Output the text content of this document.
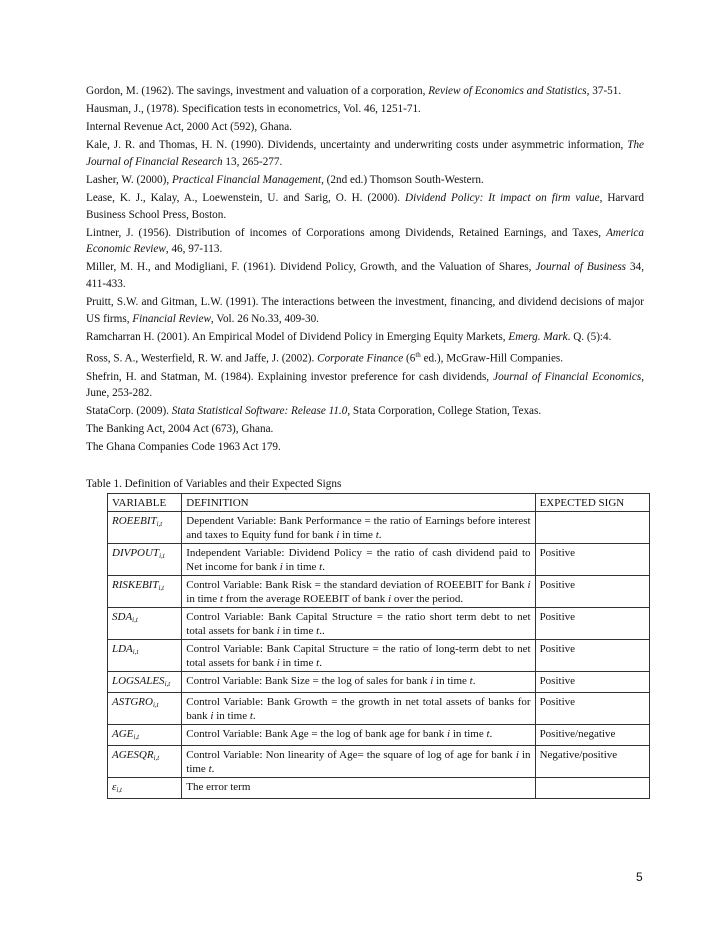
Gordon, M. (1962). The savings, investment and valuation of a corporation, Review of Economics and Statistics, 37-51.
Hausman, J., (1978). Specification tests in econometrics, Vol. 46, 1251-71.
Internal Revenue Act, 2000 Act (592), Ghana.
Kale, J. R. and Thomas, H. N. (1990). Dividends, uncertainty and underwriting costs under asymmetric information, The Journal of Financial Research 13, 265-277.
Lasher, W. (2000), Practical Financial Management, (2nd ed.) Thomson South-Western.
Lease, K. J., Kalay, A., Loewenstein, U. and Sarig, O. H. (2000). Dividend Policy: It impact on firm value, Harvard Business School Press, Boston.
Lintner, J. (1956). Distribution of incomes of Corporations among Dividends, Retained Earnings, and Taxes, America Economic Review, 46, 97-113.
Miller, M. H., and Modigliani, F. (1961). Dividend Policy, Growth, and the Valuation of Shares, Journal of Business 34, 411-433.
Pruitt, S.W. and Gitman, L.W. (1991). The interactions between the investment, financing, and dividend decisions of major US firms, Financial Review, Vol. 26 No.33, 409-30.
Ramcharran H. (2001). An Empirical Model of Dividend Policy in Emerging Equity Markets, Emerg. Mark. Q. (5):4.
Ross, S. A., Westerfield, R. W. and Jaffe, J. (2002). Corporate Finance (6th ed.), McGraw-Hill Companies.
Shefrin, H. and Statman, M. (1984). Explaining investor preference for cash dividends, Journal of Financial Economics, June, 253-282.
StataCorp. (2009). Stata Statistical Software: Release 11.0, Stata Corporation, College Station, Texas.
The Banking Act, 2004 Act (673), Ghana.
The Ghana Companies Code 1963 Act 179.
Table 1. Definition of Variables and their Expected Signs
VARIABLE	DEFINITION	EXPECTED SIGN
$ROEEBIT_{i,t}$	Dependent Variable: Bank Performance = the ratio of Earnings before interest and taxes to Equity fund for bank i in time t.	
$DIVPOUT_{i,t}$	Independent Variable: Dividend Policy = the ratio of cash dividend paid to Net income for bank i in time t.	Positive
$RISKEBIT_{i,t}$	Control Variable: Bank Risk = the standard deviation of ROEEBIT for Bank i in time t from the average ROEEBIT of bank i over the period.	Positive
$SDA_{i,t}$	Control Variable: Bank Capital Structure = the ratio short term debt to net total assets for bank i in time t..	Positive
$LDA_{i,t}$	Control Variable: Bank Capital Structure = the ratio of long-term debt to net total assets for bank i in time t.	Positive
$LOGSALES_{i,t}$	Control Variable: Bank Size = the log of sales for bank i in time t.	Positive
$ASTGRO_{i,t}$	Control Variable: Bank Growth = the growth in net total assets of banks for bank i in time t.	Positive
$AGE_{i,t}$	Control Variable: Bank Age = the log of bank age for bank i in time t.	Positive/negative
$AGESQR_{i,t}$	Control Variable: Non linearity of Age= the square of log of age for bank i in time t.	Negative/positive
$\varepsilon_{i,t}$	The error term	
5
